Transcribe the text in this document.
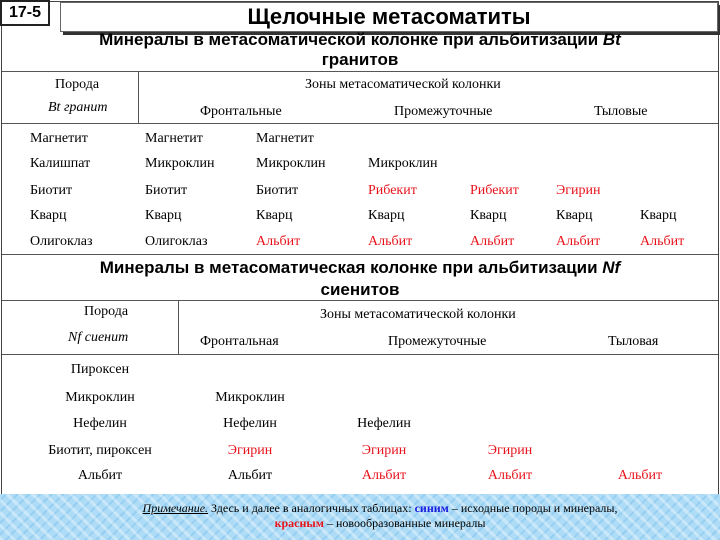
17-5	Щелочные метасоматиты
Минералы в метасоматической колонке при альбитизации Bt
гранитов
Порода
Bt гранит
Зоны метасоматической колонки
Фронтальные	Промежуточные	Тыловые
Магнетит	Магнетит	Магнетит
Калишпат	Микроклин	Микроклин	Микроклин
Биотит	Биотит	Биотит	Рибекит	Рибекит	Эгирин
Кварц	Кварц	Кварц	Кварц	Кварц	Кварц	Кварц
Олигоклаз	Олигоклаз	Альбит	Альбит	Альбит	Альбит	Альбит
Минералы в метасоматическая колонке при альбитизации Nf
сиенитов
Порода
Nf сиенит
Зоны метасоматической колонки
Фронтальная	Промежуточные	Тыловая
Пироксен
Микроклин	Микроклин
Нефелин	Нефелин	Нефелин
Биотит, пироксен	Эгирин	Эгирин	Эгирин
Альбит	Альбит	Альбит	Альбит	Альбит
Примечание. Здесь и далее в аналогичных таблицах: синим – исходные породы и минералы,
красным – новообразованные минералы
